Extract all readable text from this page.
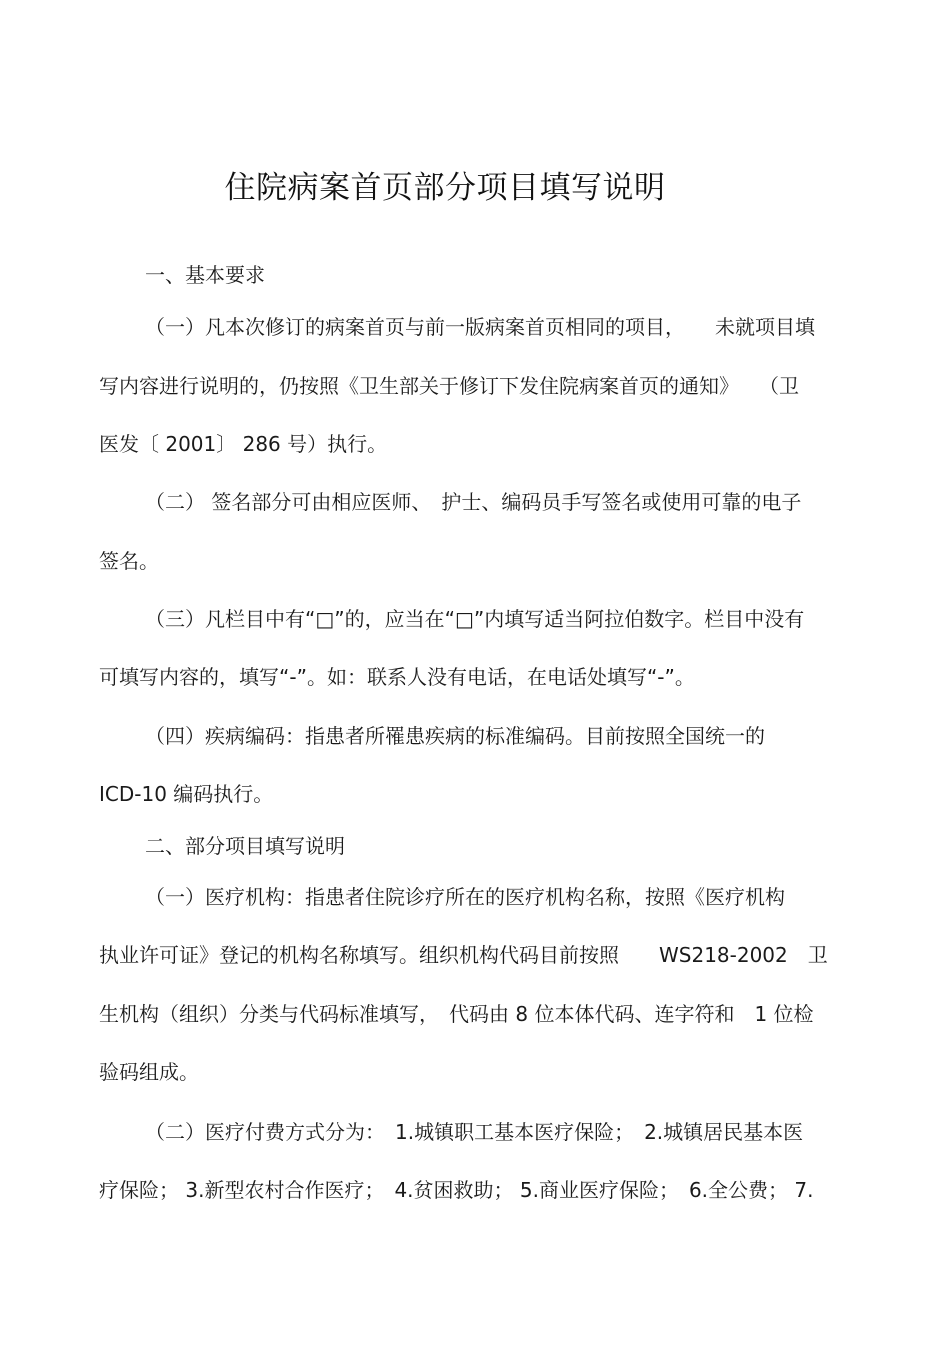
住院病案首页部分项目填写说明
一、基本要求
（一）凡本次修订的病案首页与前一版病案首页相同的项目，　　未就项目填
写内容进行说明的，仍按照《卫生部关于修订下发住院病案首页的通知》　　（卫
医发〔 2001〕 286 号）执行。
（二） 签名部分可由相应医师、　护士、编码员手写签名或使用可靠的电子
签名。
（三）凡栏目中有“□”的，应当在“□”内填写适当阿拉伯数字。栏目中没有
可填写内容的，填写“-”。如：联系人没有电话，在电话处填写“-”。
（四）疾病编码：指患者所罹患疾病的标准编码。目前按照全国统一的
ICD-10 编码执行。
二、部分项目填写说明
（一）医疗机构：指患者住院诊疗所在的医疗机构名称，按照《医疗机构
执业许可证》登记的机构名称填写。组织机构代码目前按照　　WS218-2002　卫
生机构（组织）分类与代码标准填写，　代码由 8 位本体代码、连字符和　1 位检
验码组成。
（二）医疗付费方式分为：　1.城镇职工基本医疗保险；　2.城镇居民基本医
疗保险； 3.新型农村合作医疗；　4.贫困救助； 5.商业医疗保险；　6.全公费； 7.
